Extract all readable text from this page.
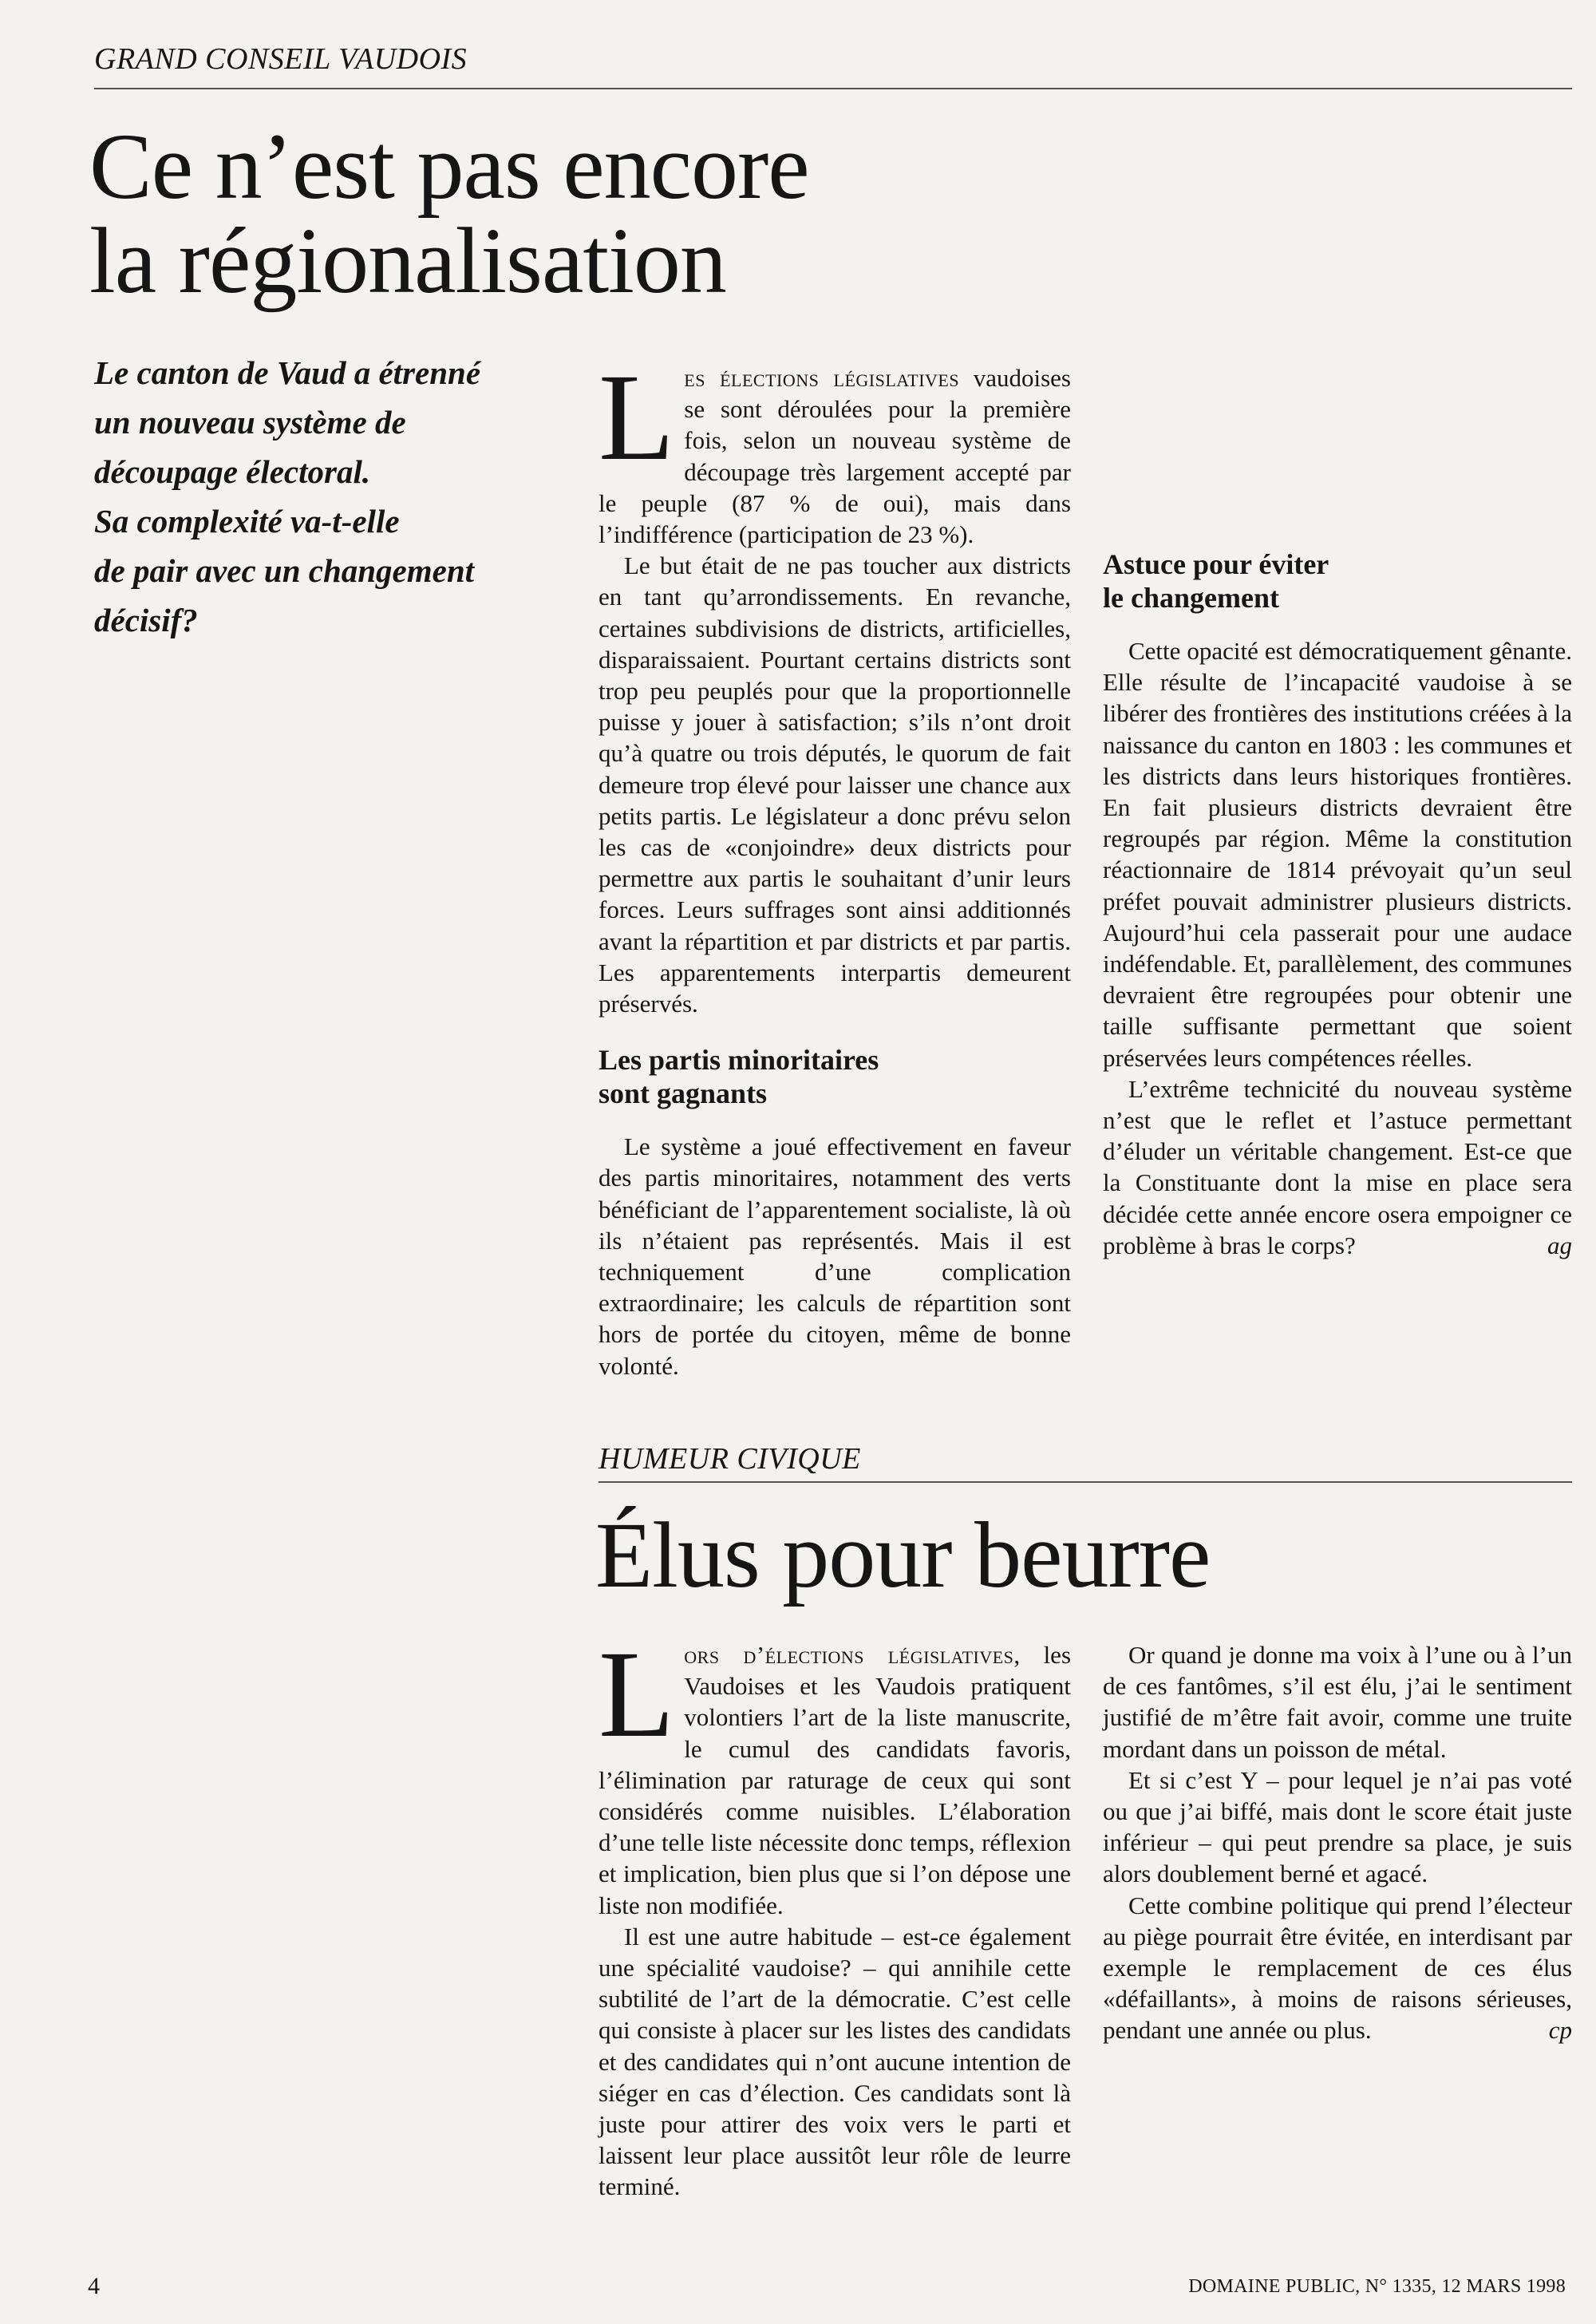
GRAND CONSEIL VAUDOIS
Ce n’est pas encore
la régionalisation
Le canton de Vaud a étrenné
un nouveau système de
découpage électoral.
Sa complexité va-t-elle
de pair avec un changement
décisif?

Les élections législatives vaudoises se sont déroulées pour la première fois, selon un nouveau système de découpage très largement accepté par le peuple (87 % de oui), mais dans l’indifférence (participation de 23 %).

Le but était de ne pas toucher aux districts en tant qu’arrondissements. En revanche, certaines subdivisions de districts, artificielles, disparaissaient. Pourtant certains districts sont trop peu peuplés pour que la proportionnelle puisse y jouer à satisfaction; s’ils n’ont droit qu’à quatre ou trois députés, le quorum de fait demeure trop élevé pour laisser une chance aux petits partis. Le législateur a donc prévu selon les cas de «conjoindre» deux districts pour permettre aux partis le souhaitant d’unir leurs forces. Leurs suffrages sont ainsi additionnés avant la répartition et par districts et par partis. Les apparentements interpartis demeurent préservés.

Les partis minoritaires
sont gagnants

Le système a joué effectivement en faveur des partis minoritaires, notamment des verts bénéficiant de l’apparentement socialiste, là où ils n’étaient pas représentés. Mais il est techniquement d’une complication extraordinaire; les calculs de répartition sont hors de portée du citoyen, même de bonne volonté.

Astuce pour éviter
le changement

Cette opacité est démocratiquement gênante. Elle résulte de l’incapacité vaudoise à se libérer des frontières des institutions créées à la naissance du canton en 1803 : les communes et les districts dans leurs historiques frontières. En fait plusieurs districts devraient être regroupés par région. Même la constitution réactionnaire de 1814 prévoyait qu’un seul préfet pouvait administrer plusieurs districts. Aujourd’hui cela passerait pour une audace indéfendable. Et, parallèlement, des communes devraient être regroupées pour obtenir une taille suffisante permettant que soient préservées leurs compétences réelles.

L’extrême technicité du nouveau système n’est que le reflet et l’astuce permettant d’éluder un véritable changement. Est-ce que la Constituante dont la mise en place sera décidée cette année encore osera empoigner ce problème à bras le corps?	ag

HUMEUR CIVIQUE
Élus pour beurre

Lors d’élections législatives, les Vaudoises et les Vaudois pratiquent volontiers l’art de la liste manuscrite, le cumul des candidats favoris, l’élimination par raturage de ceux qui sont considérés comme nuisibles. L’élaboration d’une telle liste nécessite donc temps, réflexion et implication, bien plus que si l’on dépose une liste non modifiée.

Il est une autre habitude – est-ce également une spécialité vaudoise? – qui annihile cette subtilité de l’art de la démocratie. C’est celle qui consiste à placer sur les listes des candidats et des candidates qui n’ont aucune intention de siéger en cas d’élection. Ces candidats sont là juste pour attirer des voix vers le parti et laissent leur place aussitôt leur rôle de leurre terminé.

Or quand je donne ma voix à l’une ou à l’un de ces fantômes, s’il est élu, j’ai le sentiment justifié de m’être fait avoir, comme une truite mordant dans un poisson de métal.

Et si c’est Y – pour lequel je n’ai pas voté ou que j’ai biffé, mais dont le score était juste inférieur – qui peut prendre sa place, je suis alors doublement berné et agacé.

Cette combine politique qui prend l’électeur au piège pourrait être évitée, en interdisant par exemple le remplacement de ces élus «défaillants», à moins de raisons sérieuses, pendant une année ou plus.	cp

4	DOMAINE PUBLIC, N° 1335, 12 MARS 1998
